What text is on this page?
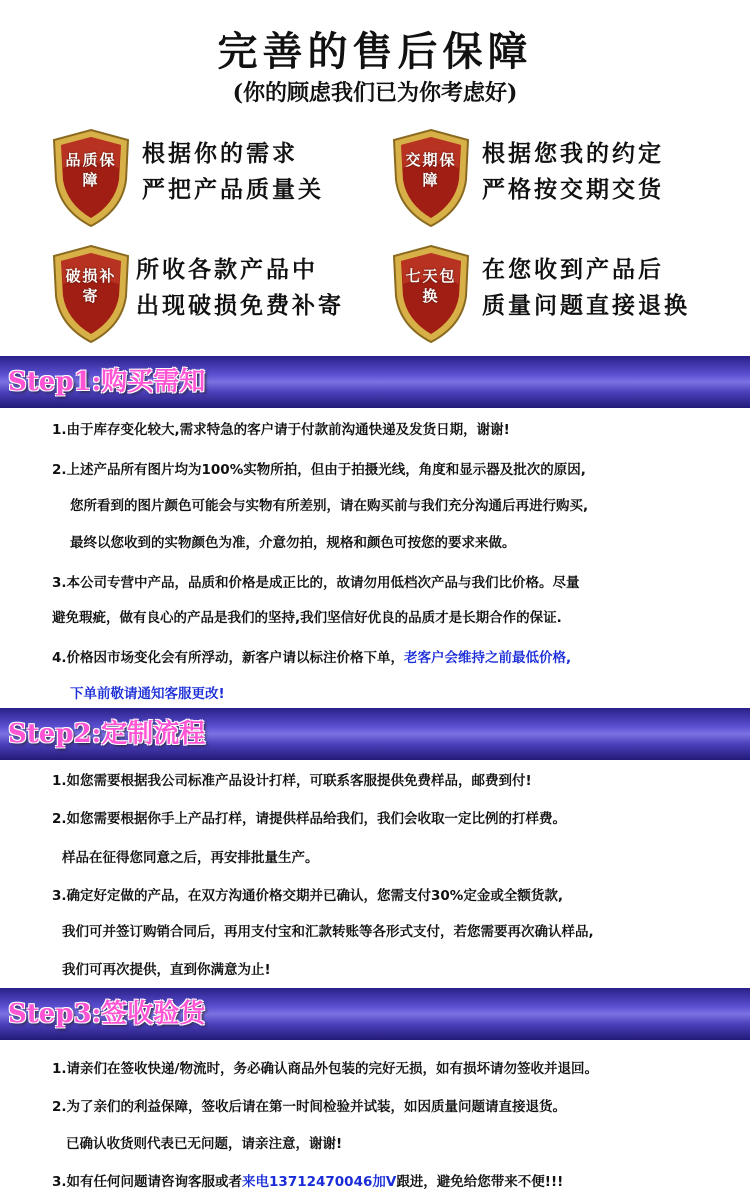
完善的售后保障
(你的顾虑我们已为你考虑好)
品质保障
根据你的需求
严把产品质量关
交期保障
根据您我的约定
严格按交期交货
破损补寄
所收各款产品中
出现破损免费补寄
七天包换
在您收到产品后
质量问题直接退换
Step1:购买需知
1.由于库存变化较大,需求特急的客户请于付款前沟通快递及发货日期，谢谢!
2.上述产品所有图片均为100%实物所拍，但由于拍摄光线，角度和显示器及批次的原因,
您所看到的图片颜色可能会与实物有所差别，请在购买前与我们充分沟通后再进行购买,
最终以您收到的实物颜色为准，介意勿拍，规格和颜色可按您的要求来做。
3.本公司专营中产品，品质和价格是成正比的，故请勿用低档次产品与我们比价格。尽量
避免瑕疵，做有良心的产品是我们的坚持,我们坚信好优良的品质才是长期合作的保证.
4.价格因市场变化会有所浮动，新客户请以标注价格下单，老客户会维持之前最低价格,
下单前敬请通知客服更改!
Step2:定制流程
1.如您需要根据我公司标准产品设计打样，可联系客服提供免费样品，邮费到付!
2.如您需要根据你手上产品打样，请提供样品给我们，我们会收取一定比例的打样费。
样品在征得您同意之后，再安排批量生产。
3.确定好定做的产品，在双方沟通价格交期并已确认，您需支付30%定金或全额货款,
我们可并签订购销合同后，再用支付宝和汇款转账等各形式支付，若您需要再次确认样品,
我们可再次提供，直到你满意为止!
Step3:签收验货
1.请亲们在签收快递/物流时，务必确认商品外包装的完好无损，如有损坏请勿签收并退回。
2.为了亲们的利益保障，签收后请在第一时间检验并试装，如因质量问题请直接退货。
已确认收货则代表已无问题，请亲注意，谢谢!
3.如有任何问题请咨询客服或者来电13712470046加V跟进，避免给您带来不便!!!
